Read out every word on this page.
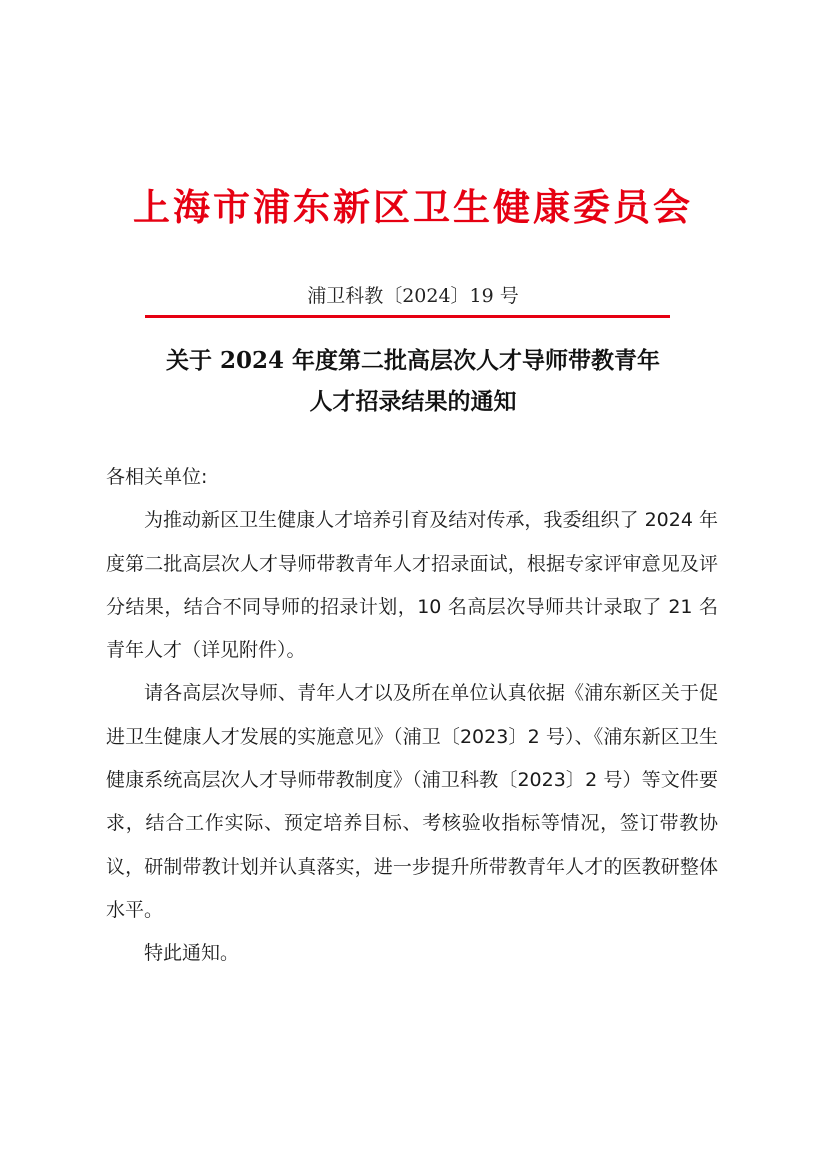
上海市浦东新区卫生健康委员会
浦卫科教〔2024〕19 号
关于 2024 年度第二批高层次人才导师带教青年
人才招录结果的通知

各相关单位:

为推动新区卫生健康人才培养引育及结对传承，我委组织了 2024 年度第二批高层次人才导师带教青年人才招录面试，根据专家评审意见及评分结果，结合不同导师的招录计划，10 名高层次导师共计录取了 21 名青年人才（详见附件）。

请各高层次导师、青年人才以及所在单位认真依据《浦东新区关于促进卫生健康人才发展的实施意见》（浦卫〔2023〕2 号）、《浦东新区卫生健康系统高层次人才导师带教制度》（浦卫科教〔2023〕2 号）等文件要求，结合工作实际、预定培养目标、考核验收指标等情况，签订带教协议，研制带教计划并认真落实，进一步提升所带教青年人才的医教研整体水平。

特此通知。
